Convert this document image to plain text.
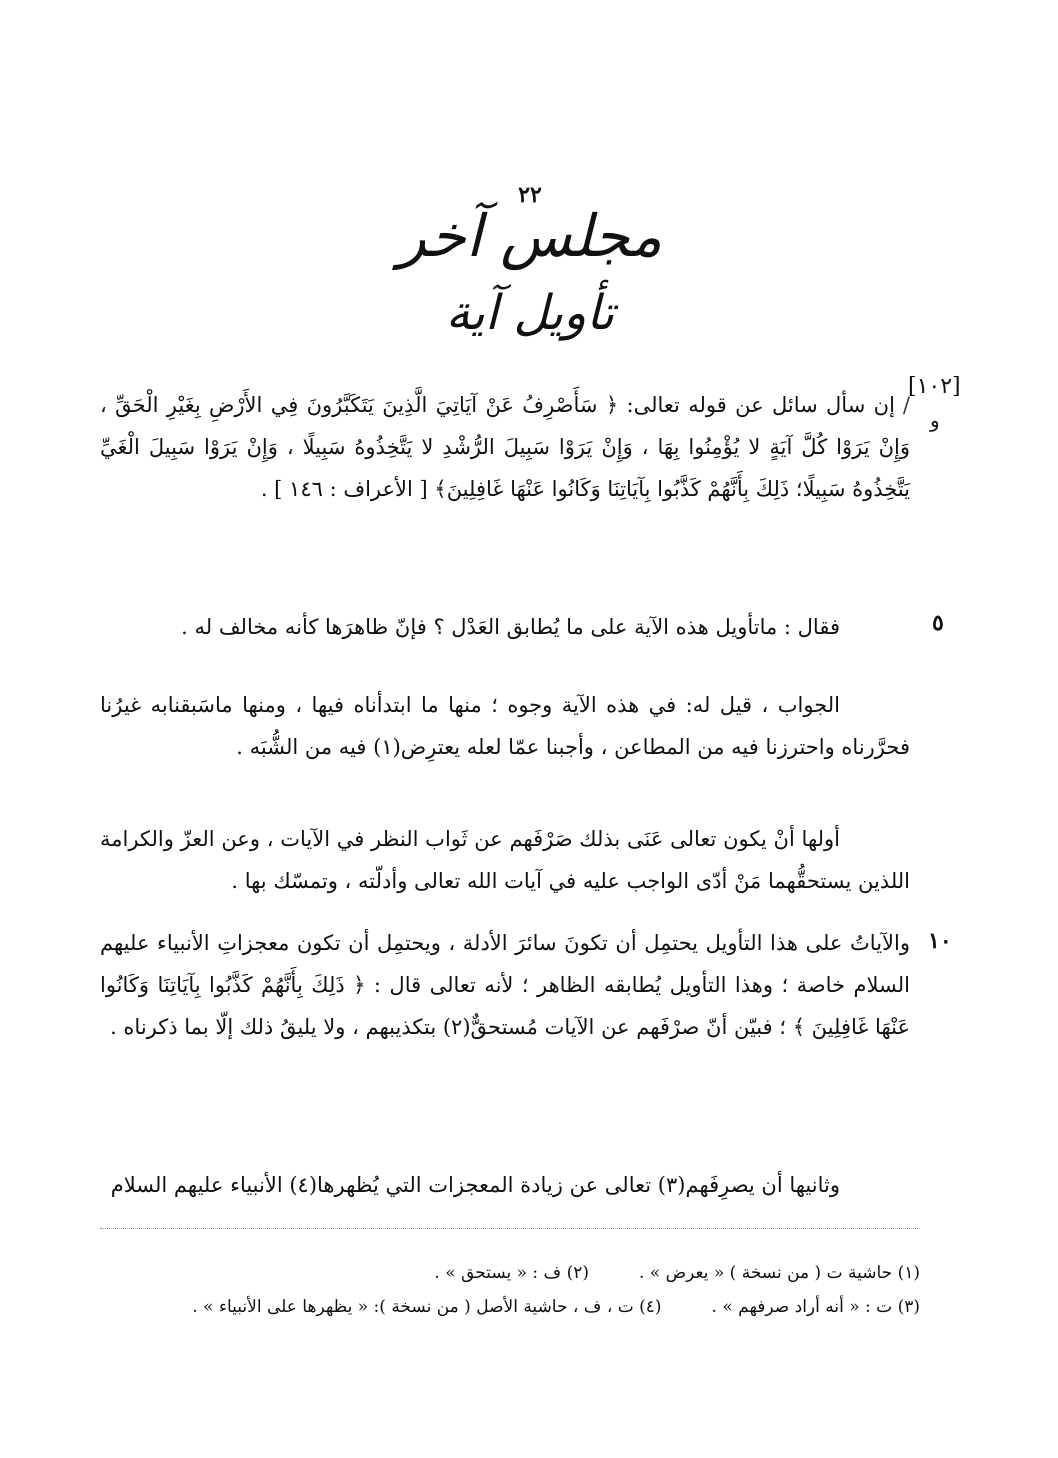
٢٢
مجلس آخر
تأويل آية
[١٠٢]
و
٥
١٠
/إن سأل سائل عن قوله تعالى: ﴿ سَأَصْرِفُ عَنْ آيَاتِيَ الَّذِينَ يَتَكَبَّرُونَ فِي الأَرْضِ بِغَيْرِ الْحَقِّ ، وَإِنْ يَرَوْا كُلَّ آيَةٍ لا يُؤْمِنُوا بِهَا ، وَإِنْ يَرَوْا سَبِيلَ الرُّشْدِ لا يَتَّخِذُوهُ سَبِيلًا ، وَإِنْ يَرَوْا سَبِيلَ الْغَيِّ يَتَّخِذُوهُ سَبِيلًا؛ ذَلِكَ بِأَنَّهُمْ كَذَّبُوا بِآيَاتِنَا وَكَانُوا عَنْهَا غَافِلِينَ﴾ [ الأعراف : ١٤٦ ] .
فقال : ماتأويل هذه الآية على ما يُطابق العَدْل ؟ فإنّ ظاهرَها كأنه مخالف له .
الجواب ، قيل له: في هذه الآية وجوه ؛ منها ما ابتدأناه فيها ، ومنها ماسَبقنابه غيرُنا فحرَّرناه واحترزنا فيه من المطاعن ، وأجبنا عمّا لعله يعترِض(١) فيه من الشُّبَه .
أولها أنْ يكون تعالى عَنَى بذلك صَرْفَهم عن ثَواب النظر في الآيات ، وعن العزّ والكرامة اللذين يستحقُّهما مَنْ أدّى الواجب عليه في آيات الله تعالى وأدلّته ، وتمسّك بها .
والآياتُ على هذا التأويل يحتمِل أن تكونَ سائرَ الأدلة ، ويحتمِل أن تكون معجزاتِ الأنبياء عليهم السلام خاصة ؛ وهذا التأويل يُطابقه الظاهر ؛ لأنه تعالى قال : ﴿ ذَلِكَ بِأَنَّهُمْ كَذَّبُوا بِآيَاتِنَا وَكَانُوا عَنْهَا غَافِلِينَ ﴾ ؛ فبيّن أنّ صرْفَهم عن الآيات مُستحقٌّ(٢) بتكذيبهم ، ولا يليقُ ذلك إلّا بما ذكرناه .
وثانيها أن يصرِفَهم(٣) تعالى عن زيادة المعجزات التي يُظهرها(٤) الأنبياء عليهم السلام
(١) حاشية ت ( من نسخة ) « يعرض » .(٢) ف : « يستحق » .
(٣) ت : « أنه أراد صرفهم » .(٤) ت ، ف ، حاشية الأصل ( من نسخة ): « يظهرها على الأنبياء » .
